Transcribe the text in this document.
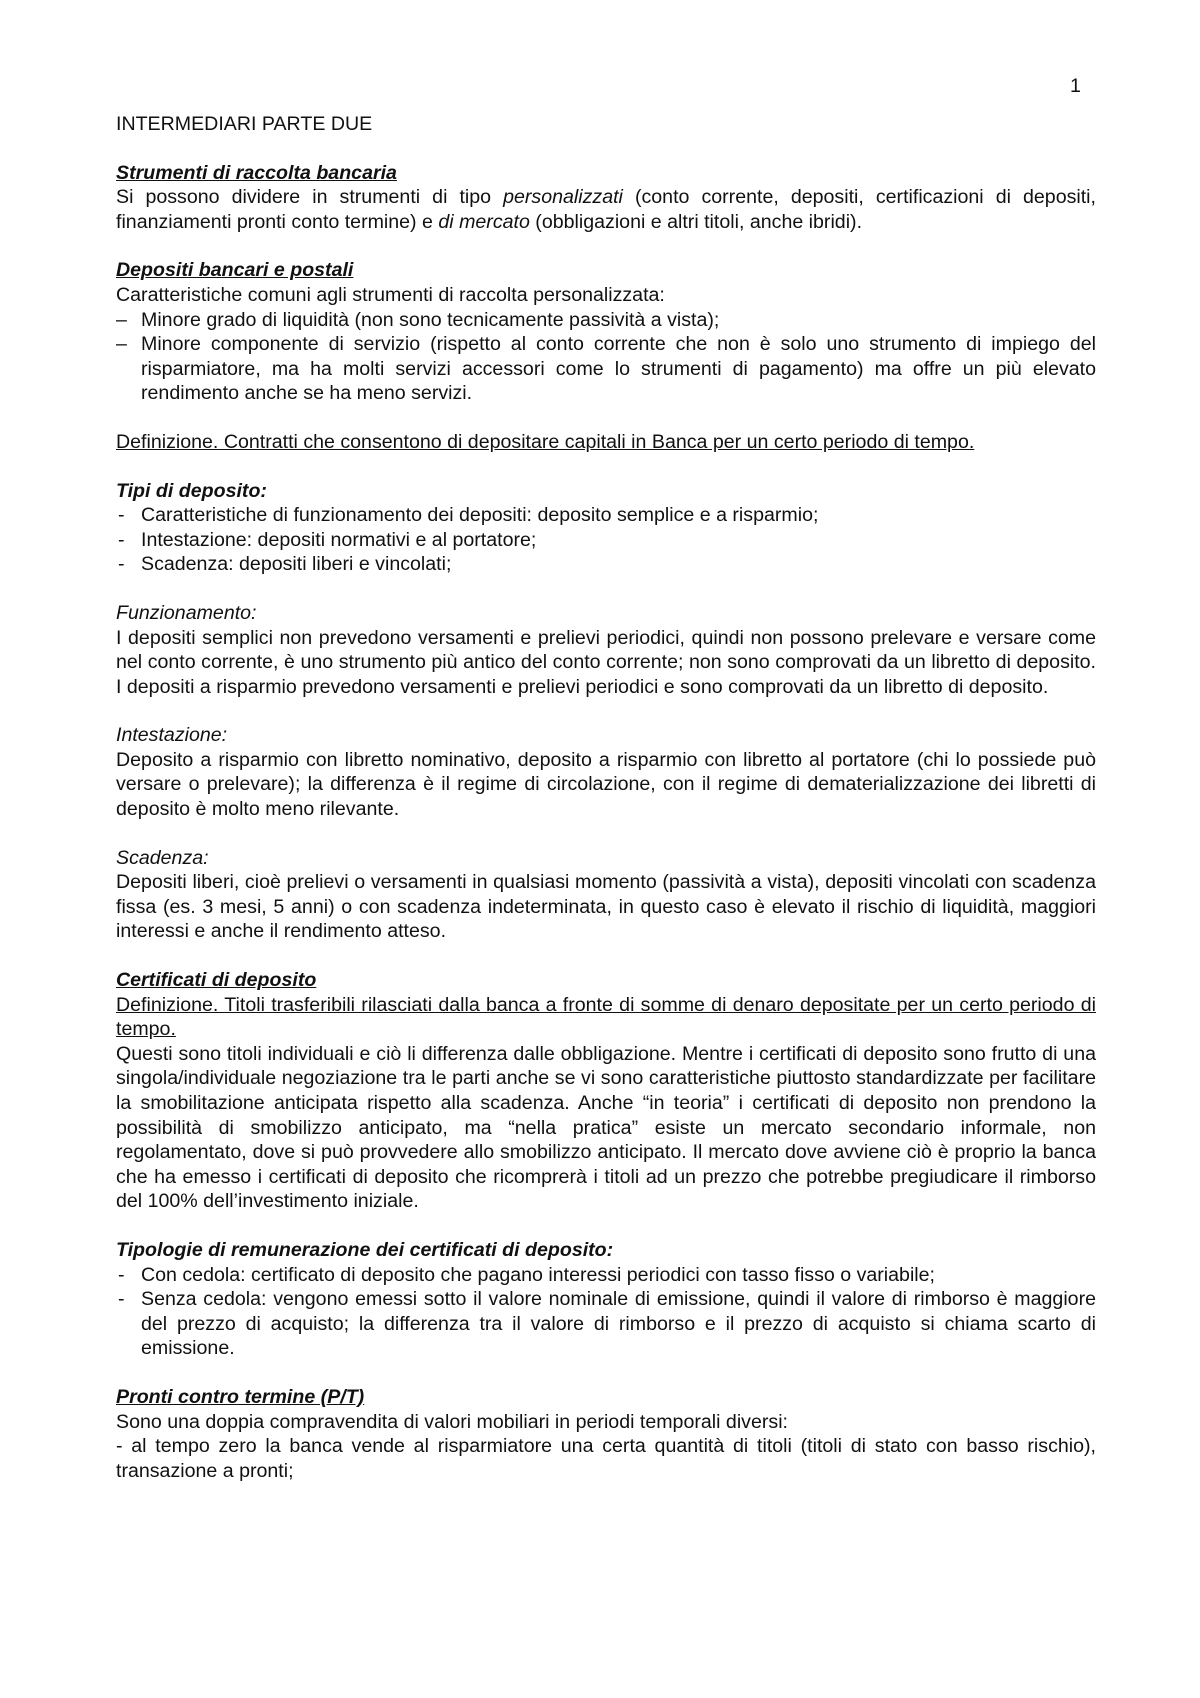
1

INTERMEDIARI PARTE DUE

Strumenti di raccolta bancaria

Si possono dividere in strumenti di tipo personalizzati (conto corrente, depositi, certificazioni di depositi, finanziamenti pronti conto termine) e di mercato (obbligazioni e altri titoli, anche ibridi).

Depositi bancari e postali

Caratteristiche comuni agli strumenti di raccolta personalizzata:

– Minore grado di liquidità (non sono tecnicamente passività a vista);
– Minore componente di servizio (rispetto al conto corrente che non è solo uno strumento di impiego del risparmiatore, ma ha molti servizi accessori come lo strumenti di pagamento) ma offre un più elevato rendimento anche se ha meno servizi.

Definizione. Contratti che consentono di depositare capitali in Banca per un certo periodo di tempo.

Tipi di deposito:

- Caratteristiche di funzionamento dei depositi: deposito semplice e a risparmio;
- Intestazione: depositi normativi e al portatore;
- Scadenza: depositi liberi e vincolati;

Funzionamento:

I depositi semplici non prevedono versamenti e prelievi periodici, quindi non possono prelevare e versare come nel conto corrente, è uno strumento più antico del conto corrente; non sono comprovati da un libretto di deposito. I depositi a risparmio prevedono versamenti e prelievi periodici e sono comprovati da un libretto di deposito.

Intestazione:

Deposito a risparmio con libretto nominativo, deposito a risparmio con libretto al portatore (chi lo possiede può versare o prelevare); la differenza è il regime di circolazione, con il regime di dematerializzazione dei libretti di deposito è molto meno rilevante.

Scadenza:

Depositi liberi, cioè prelievi o versamenti in qualsiasi momento (passività a vista), depositi vincolati con scadenza fissa (es. 3 mesi, 5 anni) o con scadenza indeterminata, in questo caso è elevato il rischio di liquidità, maggiori interessi e anche il rendimento atteso.

Certificati di deposito

Definizione. Titoli trasferibili rilasciati dalla banca a fronte di somme di denaro depositate per un certo periodo di tempo.

Questi sono titoli individuali e ciò li differenza dalle obbligazione. Mentre i certificati di deposito sono frutto di una singola/individuale negoziazione tra le parti anche se vi sono caratteristiche piuttosto standardizzate per facilitare la smobilitazione anticipata rispetto alla scadenza. Anche “in teoria” i certificati di deposito non prendono la possibilità di smobilizzo anticipato, ma “nella pratica” esiste un mercato secondario informale, non regolamentato, dove si può provvedere allo smobilizzo anticipato. Il mercato dove avviene ciò è proprio la banca che ha emesso i certificati di deposito che ricomprerà i titoli ad un prezzo che potrebbe pregiudicare il rimborso del 100% dell’investimento iniziale.

Tipologie di remunerazione dei certificati di deposito:

- Con cedola: certificato di deposito che pagano interessi periodici con tasso fisso o variabile;
- Senza cedola: vengono emessi sotto il valore nominale di emissione, quindi il valore di rimborso è maggiore del prezzo di acquisto; la differenza tra il valore di rimborso e il prezzo di acquisto si chiama scarto di emissione.

Pronti contro termine (P/T)

Sono una doppia compravendita di valori mobiliari in periodi temporali diversi:

- al tempo zero la banca vende al risparmiatore una certa quantità di titoli (titoli di stato con basso rischio), transazione a pronti;
